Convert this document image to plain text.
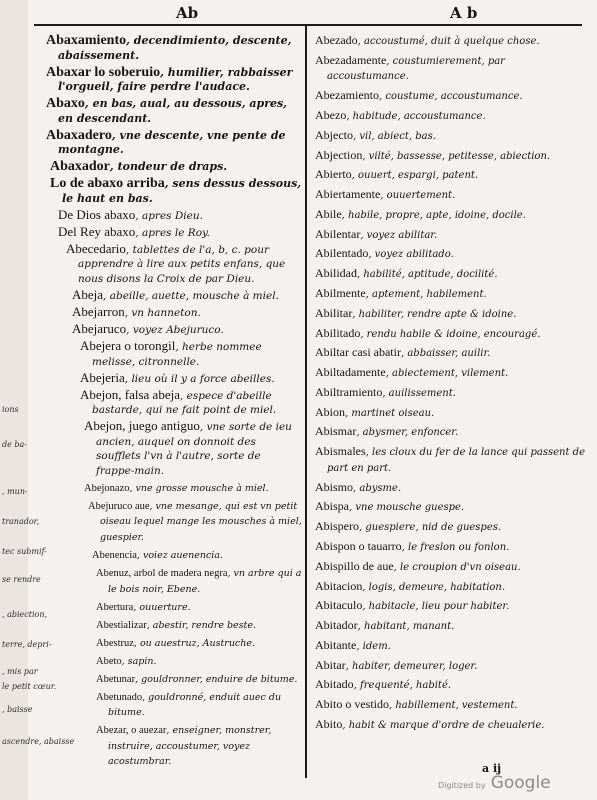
ions
de ba-
, mun-
tranador,
tec submif-
se rendre
, abiection,
terre, depri-
, mis par
le petit cœur.
, baisse
ascendre, abaisse
Ab	A b
Abaxamiento, decendimiento, descente, abaissement.
Abaxar lo soberuio, humilier, rabbaisser l'orgueil, faire perdre l'audace.
Abaxo, en bas, aual, au dessous, apres, en descendant.
Abaxadero, vne descente, vne pente de montagne.
Abaxador, tondeur de draps.
Lo de abaxo arriba, sens dessus dessous, le haut en bas.
De Dios abaxo, apres Dieu.
Del Rey abaxo, apres le Roy.
Abecedario, tablettes de l'a, b, c. pour apprendre à lire aux petits enfans, que nous disons la Croix de par Dieu.
Abeja, abeille, auette, mousche à miel.
Abejarron, vn hanneton.
Abejaruco, voyez Abejuruco.
Abejera o torongil, herbe nommee melisse, citronnelle.
Abejeria, lieu où il y a force abeilles.
Abejon, falsa abeja, espece d'abeille bastarde, qui ne fait point de miel.
Abejon, juego antiguo, vne sorte de ieu ancien, auquel on donnoit des soufflets l'vn à l'autre, sorte de frappe-main.
Abejonazo, vne grosse mousche à miel.
Abejuruco aue, vne mesange, qui est vn petit oiseau lequel mange les mousches à miel, guespier.
Abenencia, voiez auenencia.
Abenuz, arbol de madera negra, vn arbre qui a le bois noir, Ebene.
Abertura, ouuerture.
Abestializar, abestir, rendre beste.
Abestruz, ou auestruz, Austruche.
Abeto, sapin.
Abetunar, gouldronner, enduire de bitume.
Abetunado, gouldronné, enduit auec du bitume.
Abezar, o auezar, enseigner, monstrer, instruire, accoustumer, voyez acostumbrar.
Abezado, accoustumé, duit à quelque chose.
Abezadamente, coustumierement, par accoustumance.
Abezamiento, coustume, accoustumance.
Abezo, habitude, accoustumance.
Abjecto, vil, abiect, bas.
Abjection, vilté, bassesse, petitesse, abiection.
Abierto, ouuert, espargi, patent.
Abiertamente, ouuertement.
Abile, habile, propre, apte, idoine, docile.
Abilentar, voyez abilitar.
Abilentado, voyez abilitado.
Abilidad, habilité, aptitude, docilité.
Abilmente, aptement, habilement.
Abilitar, habiliter, rendre apte & idoine.
Abilitado, rendu habile & idoine, encouragé.
Abiltar casi abatir, abbaisser, auilir.
Abiltadamente, abiectement, vilement.
Abiltramiento, auilissement.
Abion, martinet oiseau.
Abismar, abysmer, enfoncer.
Abismales, les cloux du fer de la lance qui passent de part en part.
Abismo, abysme.
Abispa, vne mousche guespe.
Abispero, guespiere, nid de guespes.
Abispon o tauarro, le freslon ou fonlon.
Abispillo de aue, le croupion d'vn oiseau.
Abitacion, logis, demeure, habitation.
Abitaculo, habitacle, lieu pour habiter.
Abitador, habitant, manant.
Abitante, idem.
Abitar, habiter, demeurer, loger.
Abitado, frequenté, habité.
Abito o vestido, habillement, vestement.
Abito, habit & marque d'ordre de cheualerie.
a ij
Digitized by Google
